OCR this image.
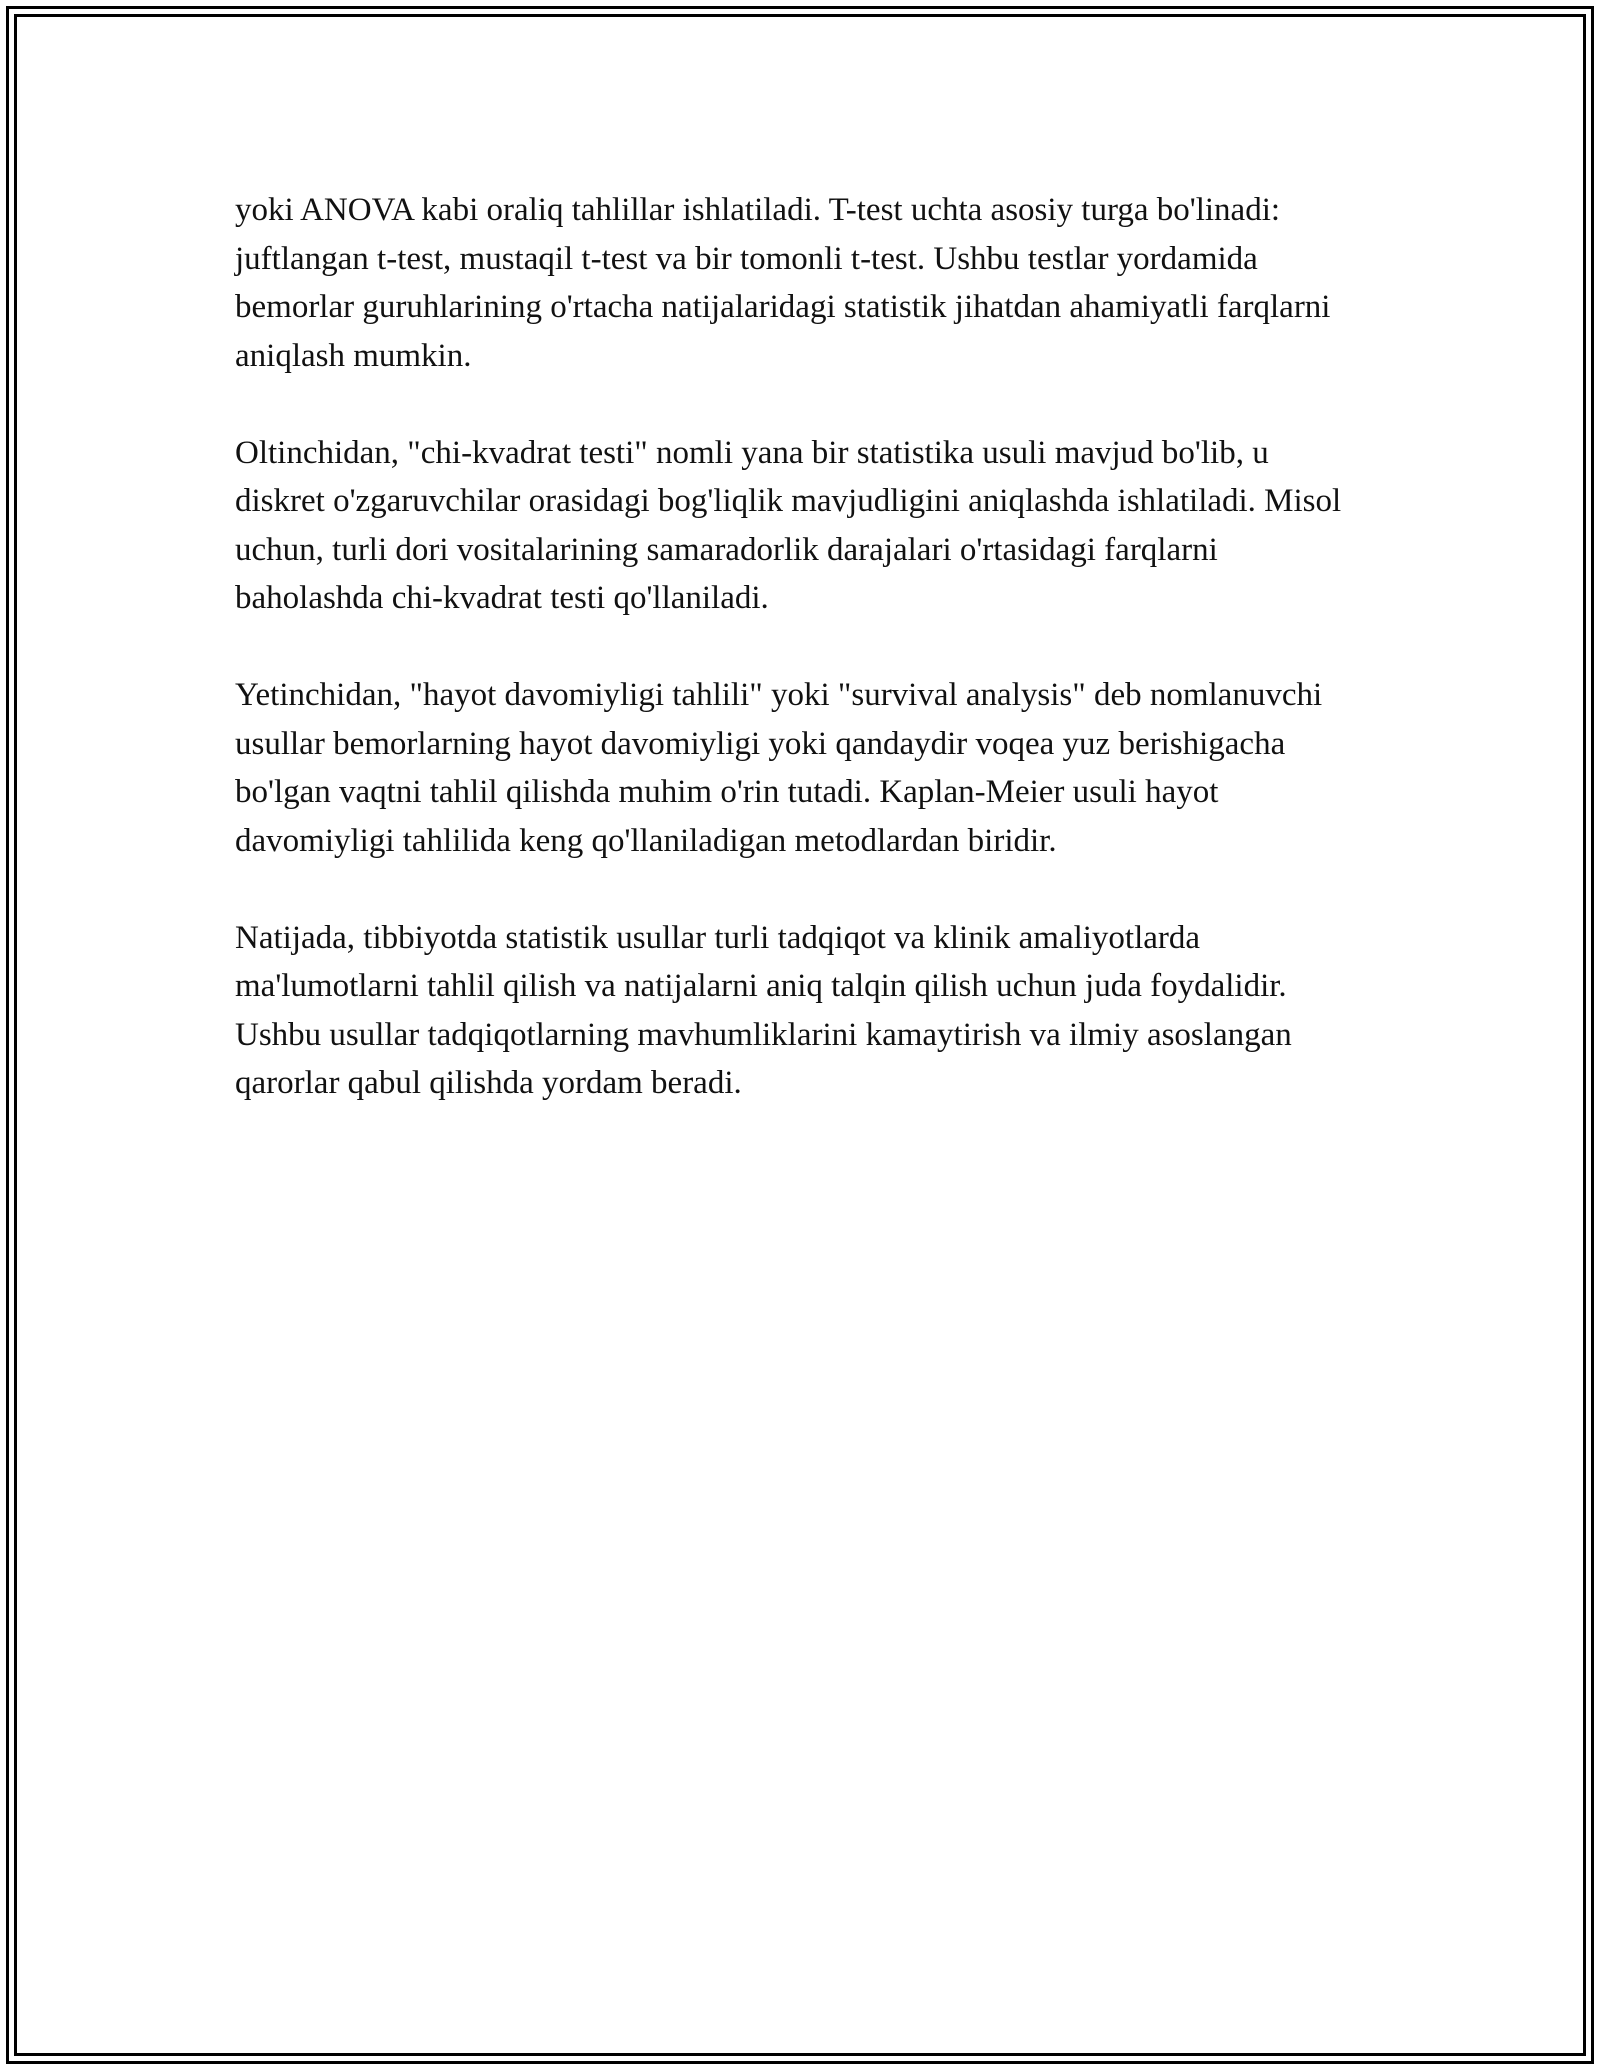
yoki ANOVA kabi oraliq tahlillar ishlatiladi. T-test uchta asosiy turga bo'linadi: juftlangan t-test, mustaqil t-test va bir tomonli t-test. Ushbu testlar yordamida bemorlar guruhlarining o'rtacha natijalaridagi statistik jihatdan ahamiyatli farqlarni aniqlash mumkin.

Oltinchidan, "chi-kvadrat testi" nomli yana bir statistika usuli mavjud bo'lib, u diskret o'zgaruvchilar orasidagi bog'liqlik mavjudligini aniqlashda ishlatiladi. Misol uchun, turli dori vositalarining samaradorlik darajalari o'rtasidagi farqlarni baholashda chi-kvadrat testi qo'llaniladi.

Yetinchidan, "hayot davomiyligi tahlili" yoki "survival analysis" deb nomlanuvchi usullar bemorlarning hayot davomiyligi yoki qandaydir voqea yuz berishigacha bo'lgan vaqtni tahlil qilishda muhim o'rin tutadi. Kaplan-Meier usuli hayot davomiyligi tahlilida keng qo'llaniladigan metodlardan biridir.

Natijada, tibbiyotda statistik usullar turli tadqiqot va klinik amaliyotlarda ma'lumotlarni tahlil qilish va natijalarni aniq talqin qilish uchun juda foydalidir. Ushbu usullar tadqiqotlarning mavhumliklarini kamaytirish va ilmiy asoslangan qarorlar qabul qilishda yordam beradi.
